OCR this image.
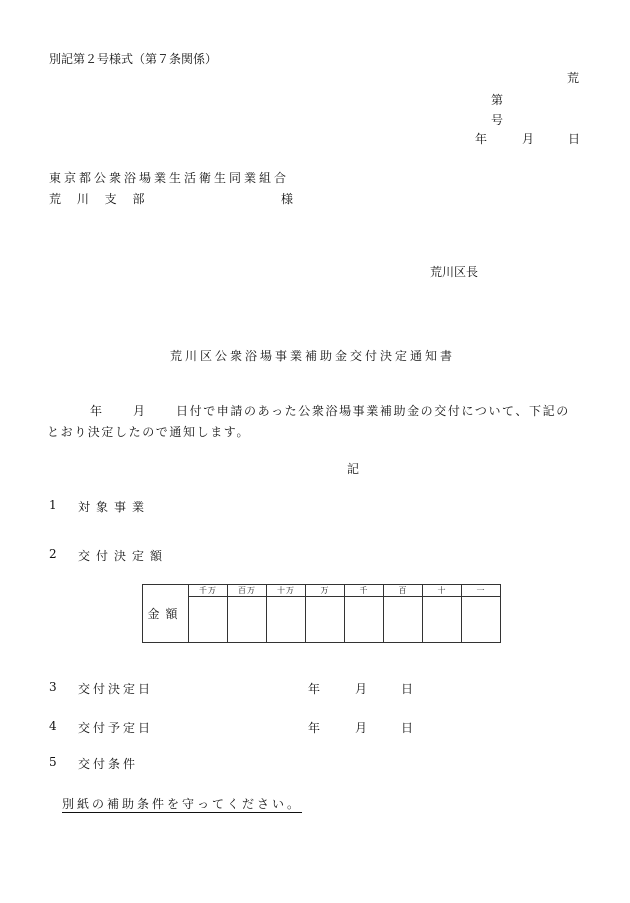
別記第２号様式（第７条関係）
荒
第
号
年	月	日
東京都公衆浴場業生活衛生同業組合
荒 川 支 部	様
荒川区長
荒川区公衆浴場事業補助金交付決定通知書
年	月	日付で申請のあった公衆浴場事業補助金の交付について、下記の
とおり決定したので通知します。
記
1 対象事業
2 交付決定額
金額	千万	百万	十万	万	千	百	十	一

3 交付決定日	年	月	日
4 交付予定日	年	月	日
5 交付条件
別紙の補助条件を守ってください。
